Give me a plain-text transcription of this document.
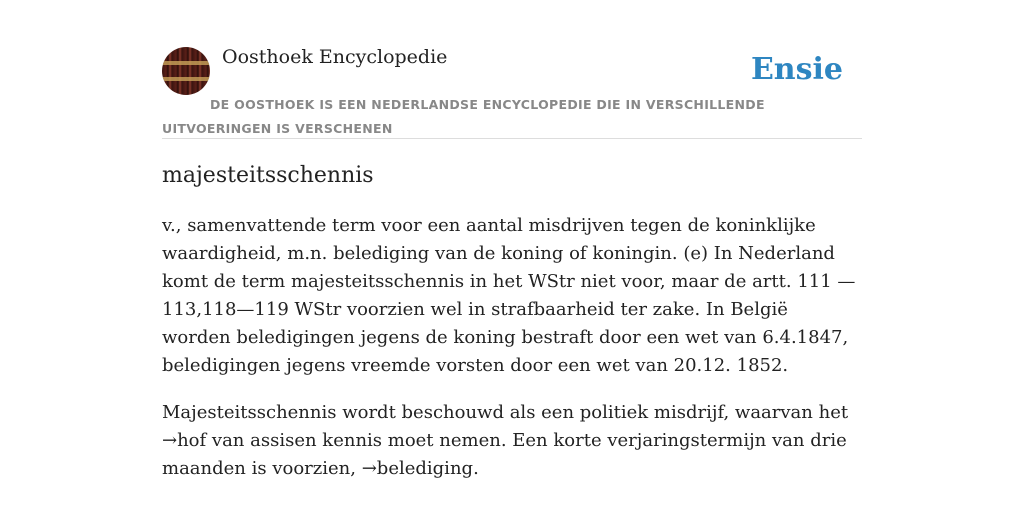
Oosthoek Encyclopedie	Ensie
DE OOSTHOEK IS EEN NEDERLANDSE ENCYCLOPEDIE DIE IN VERSCHILLENDE UITVOERINGEN IS VERSCHENEN
majesteitsschennis

v., samenvattende term voor een aantal misdrijven tegen de koninklijke waardigheid, m.n. belediging van de koning of koningin. (e) In Nederland komt de term majesteitsschennis in het WStr niet voor, maar de artt. 111 — 113,118—119 WStr voorzien wel in strafbaarheid ter zake. In België worden beledigingen jegens de koning bestraft door een wet van 6.4.1847, beledigingen jegens vreemde vorsten door een wet van 20.12. 1852.

Majesteitsschennis wordt beschouwd als een politiek misdrijf, waarvan het →hof van assisen kennis moet nemen. Een korte verjaringstermijn van drie maanden is voorzien, →belediging.
